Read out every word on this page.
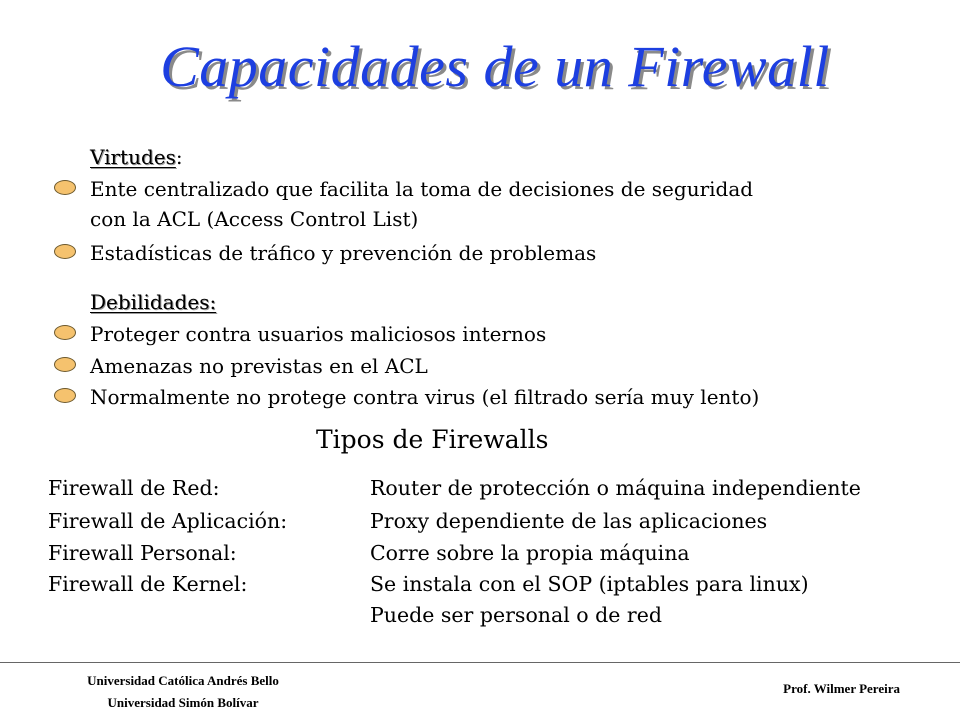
Capacidades de un Firewall
Virtudes:
Ente centralizado que facilita la toma de decisiones de seguridad
con la ACL (Access Control List)
Estadísticas de tráfico y prevención de problemas
Debilidades:
Proteger contra usuarios maliciosos internos
Amenazas no previstas en el ACL
Normalmente no protege contra virus (el filtrado sería muy lento)
Tipos de Firewalls
Firewall de Red:	Router de protección o máquina independiente
Firewall de Aplicación:	Proxy dependiente de las aplicaciones
Firewall Personal:	Corre sobre la propia máquina
Firewall de Kernel:	Se instala con el SOP (iptables para linux)
Puede ser personal o de red
Universidad Católica Andrés Bello
Universidad Simón Bolívar
Prof. Wilmer Pereira
